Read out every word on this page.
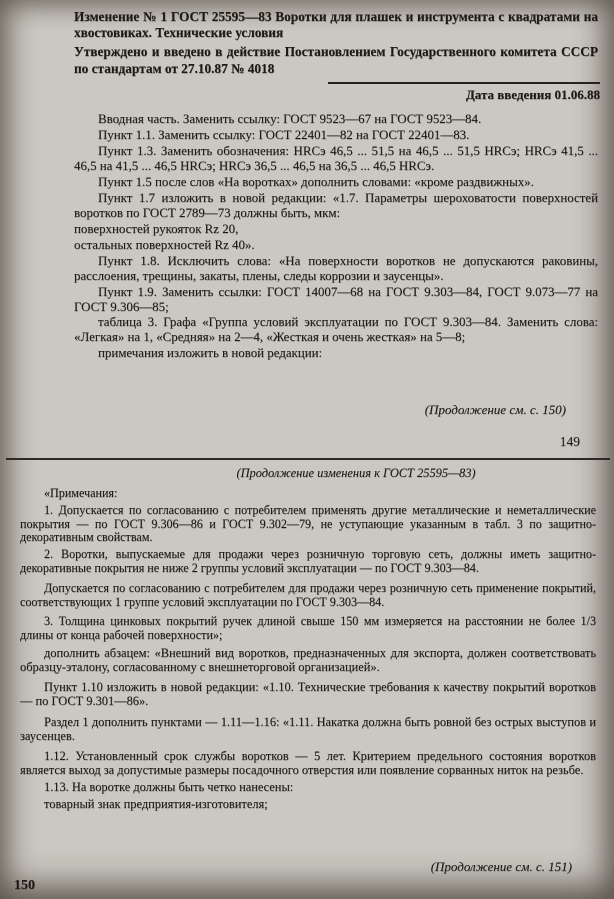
Изменение № 1 ГОСТ 25595—83 Воротки для плашек и инструмента с квадратами на хвостовиках. Технические условия

Утверждено и введено в действие Постановлением Государственного комитета СССР по стандартам от 27.10.87 № 4018

Дата введения 01.06.88

Вводная часть. Заменить ссылку: ГОСТ 9523—67 на ГОСТ 9523—84.

Пункт 1.1. Заменить ссылку: ГОСТ 22401—82 на ГОСТ 22401—83.

Пункт 1.3. Заменить обозначения: HRCэ 46,5 ... 51,5 на 46,5 ... 51,5 HRCэ; HRCэ 41,5 ... 46,5 на 41,5 ... 46,5 HRCэ; HRCэ 36,5 ... 46,5 на 36,5 ... 46,5 HRCэ.

Пункт 1.5 после слов «На воротках» дополнить словами: «кроме раздвижных».

Пункт 1.7 изложить в новой редакции: «1.7. Параметры шероховатости поверхностей воротков по ГОСТ 2789—73 должны быть, мкм:

поверхностей рукояток Rz 20,

остальных поверхностей Rz 40».

Пункт 1.8. Исключить слова: «На поверхности воротков не допускаются раковины, расслоения, трещины, закаты, плены, следы коррозии и заусенцы».

Пункт 1.9. Заменить ссылки: ГОСТ 14007—68 на ГОСТ 9.303—84, ГОСТ 9.073—77 на ГОСТ 9.306—85;

таблица 3. Графа «Группа условий эксплуатации по ГОСТ 9.303—84. Заменить слова: «Легкая» на 1, «Средняя» на 2—4, «Жесткая и очень жесткая» на 5—8;

примечания изложить в новой редакции:

(Продолжение см. с. 150)

149

(Продолжение изменения к ГОСТ 25595—83)

«Примечания:

1. Допускается по согласованию с потребителем применять другие металлические и неметаллические покрытия — по ГОСТ 9.306—86 и ГОСТ 9.302—79, не уступающие указанным в табл. 3 по защитно-декоративным свойствам.

2. Воротки, выпускаемые для продажи через розничную торговую сеть, должны иметь защитно-декоративные покрытия не ниже 2 группы условий эксплуатации — по ГОСТ 9.303—84.

Допускается по согласованию с потребителем для продажи через розничную сеть применение покрытий, соответствующих 1 группе условий эксплуатации по ГОСТ 9.303—84.

3. Толщина цинковых покрытий ручек длиной свыше 150 мм измеряется на расстоянии не более 1/3 длины от конца рабочей поверхности»;

дополнить абзацем: «Внешний вид воротков, предназначенных для экспорта, должен соответствовать образцу-эталону, согласованному с внешнеторговой организацией».

Пункт 1.10 изложить в новой редакции: «1.10. Технические требования к качеству покрытий воротков — по ГОСТ 9.301—86».

Раздел 1 дополнить пунктами — 1.11—1.16: «1.11. Накатка должна быть ровной без острых выступов и заусенцев.

1.12. Установленный срок службы воротков — 5 лет. Критерием предельного состояния воротков является выход за допустимые размеры посадочного отверстия или появление сорванных ниток на резьбе.

1.13. На воротке должны быть четко нанесены:

товарный знак предприятия-изготовителя;

(Продолжение см. с. 151)

150
